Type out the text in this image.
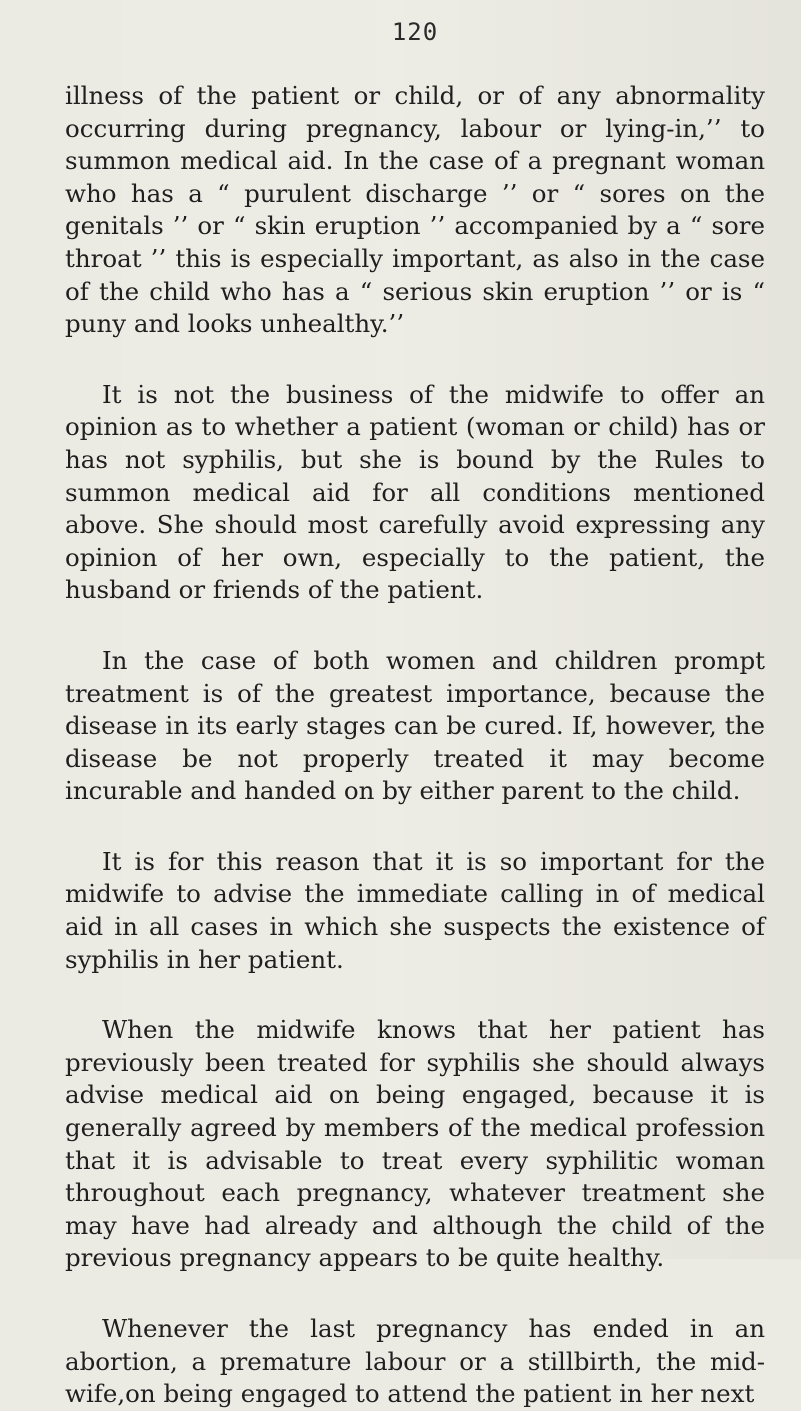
120

illness of the patient or child, or of any abnormality occurring during pregnancy, labour or lying-in,’’ to summon medical aid. In the case of a pregnant woman who has a “ purulent discharge ’’ or “ sores on the genitals ’’ or “ skin eruption ’’ accompanied by a “ sore throat ’’ this is especially important, as also in the case of the child who has a “ serious skin eruption ’’ or is “ puny and looks unhealthy.’’

It is not the business of the midwife to offer an opinion as to whether a patient (woman or child) has or has not syphilis, but she is bound by the Rules to summon medical aid for all conditions mentioned above. She should most carefully avoid expressing any opinion of her own, especially to the patient, the husband or friends of the patient.

In the case of both women and children prompt treatment is of the greatest importance, because the disease in its early stages can be cured. If, however, the disease be not properly treated it may become incurable and handed on by either parent to the child.

It is for this reason that it is so important for the midwife to advise the immediate calling in of medical aid in all cases in which she suspects the existence of syphilis in her patient.

When the midwife knows that her patient has previously been treated for syphilis she should always advise medical aid on being engaged, because it is generally agreed by members of the medical profession that it is advisable to treat every syphilitic woman throughout each pregnancy, whatever treatment she may have had already and although the child of the previous pregnancy appears to be quite healthy.

Whenever the last pregnancy has ended in an abortion, a premature labour or a stillbirth, the mid-wife,on being engaged to attend the patient in her next
